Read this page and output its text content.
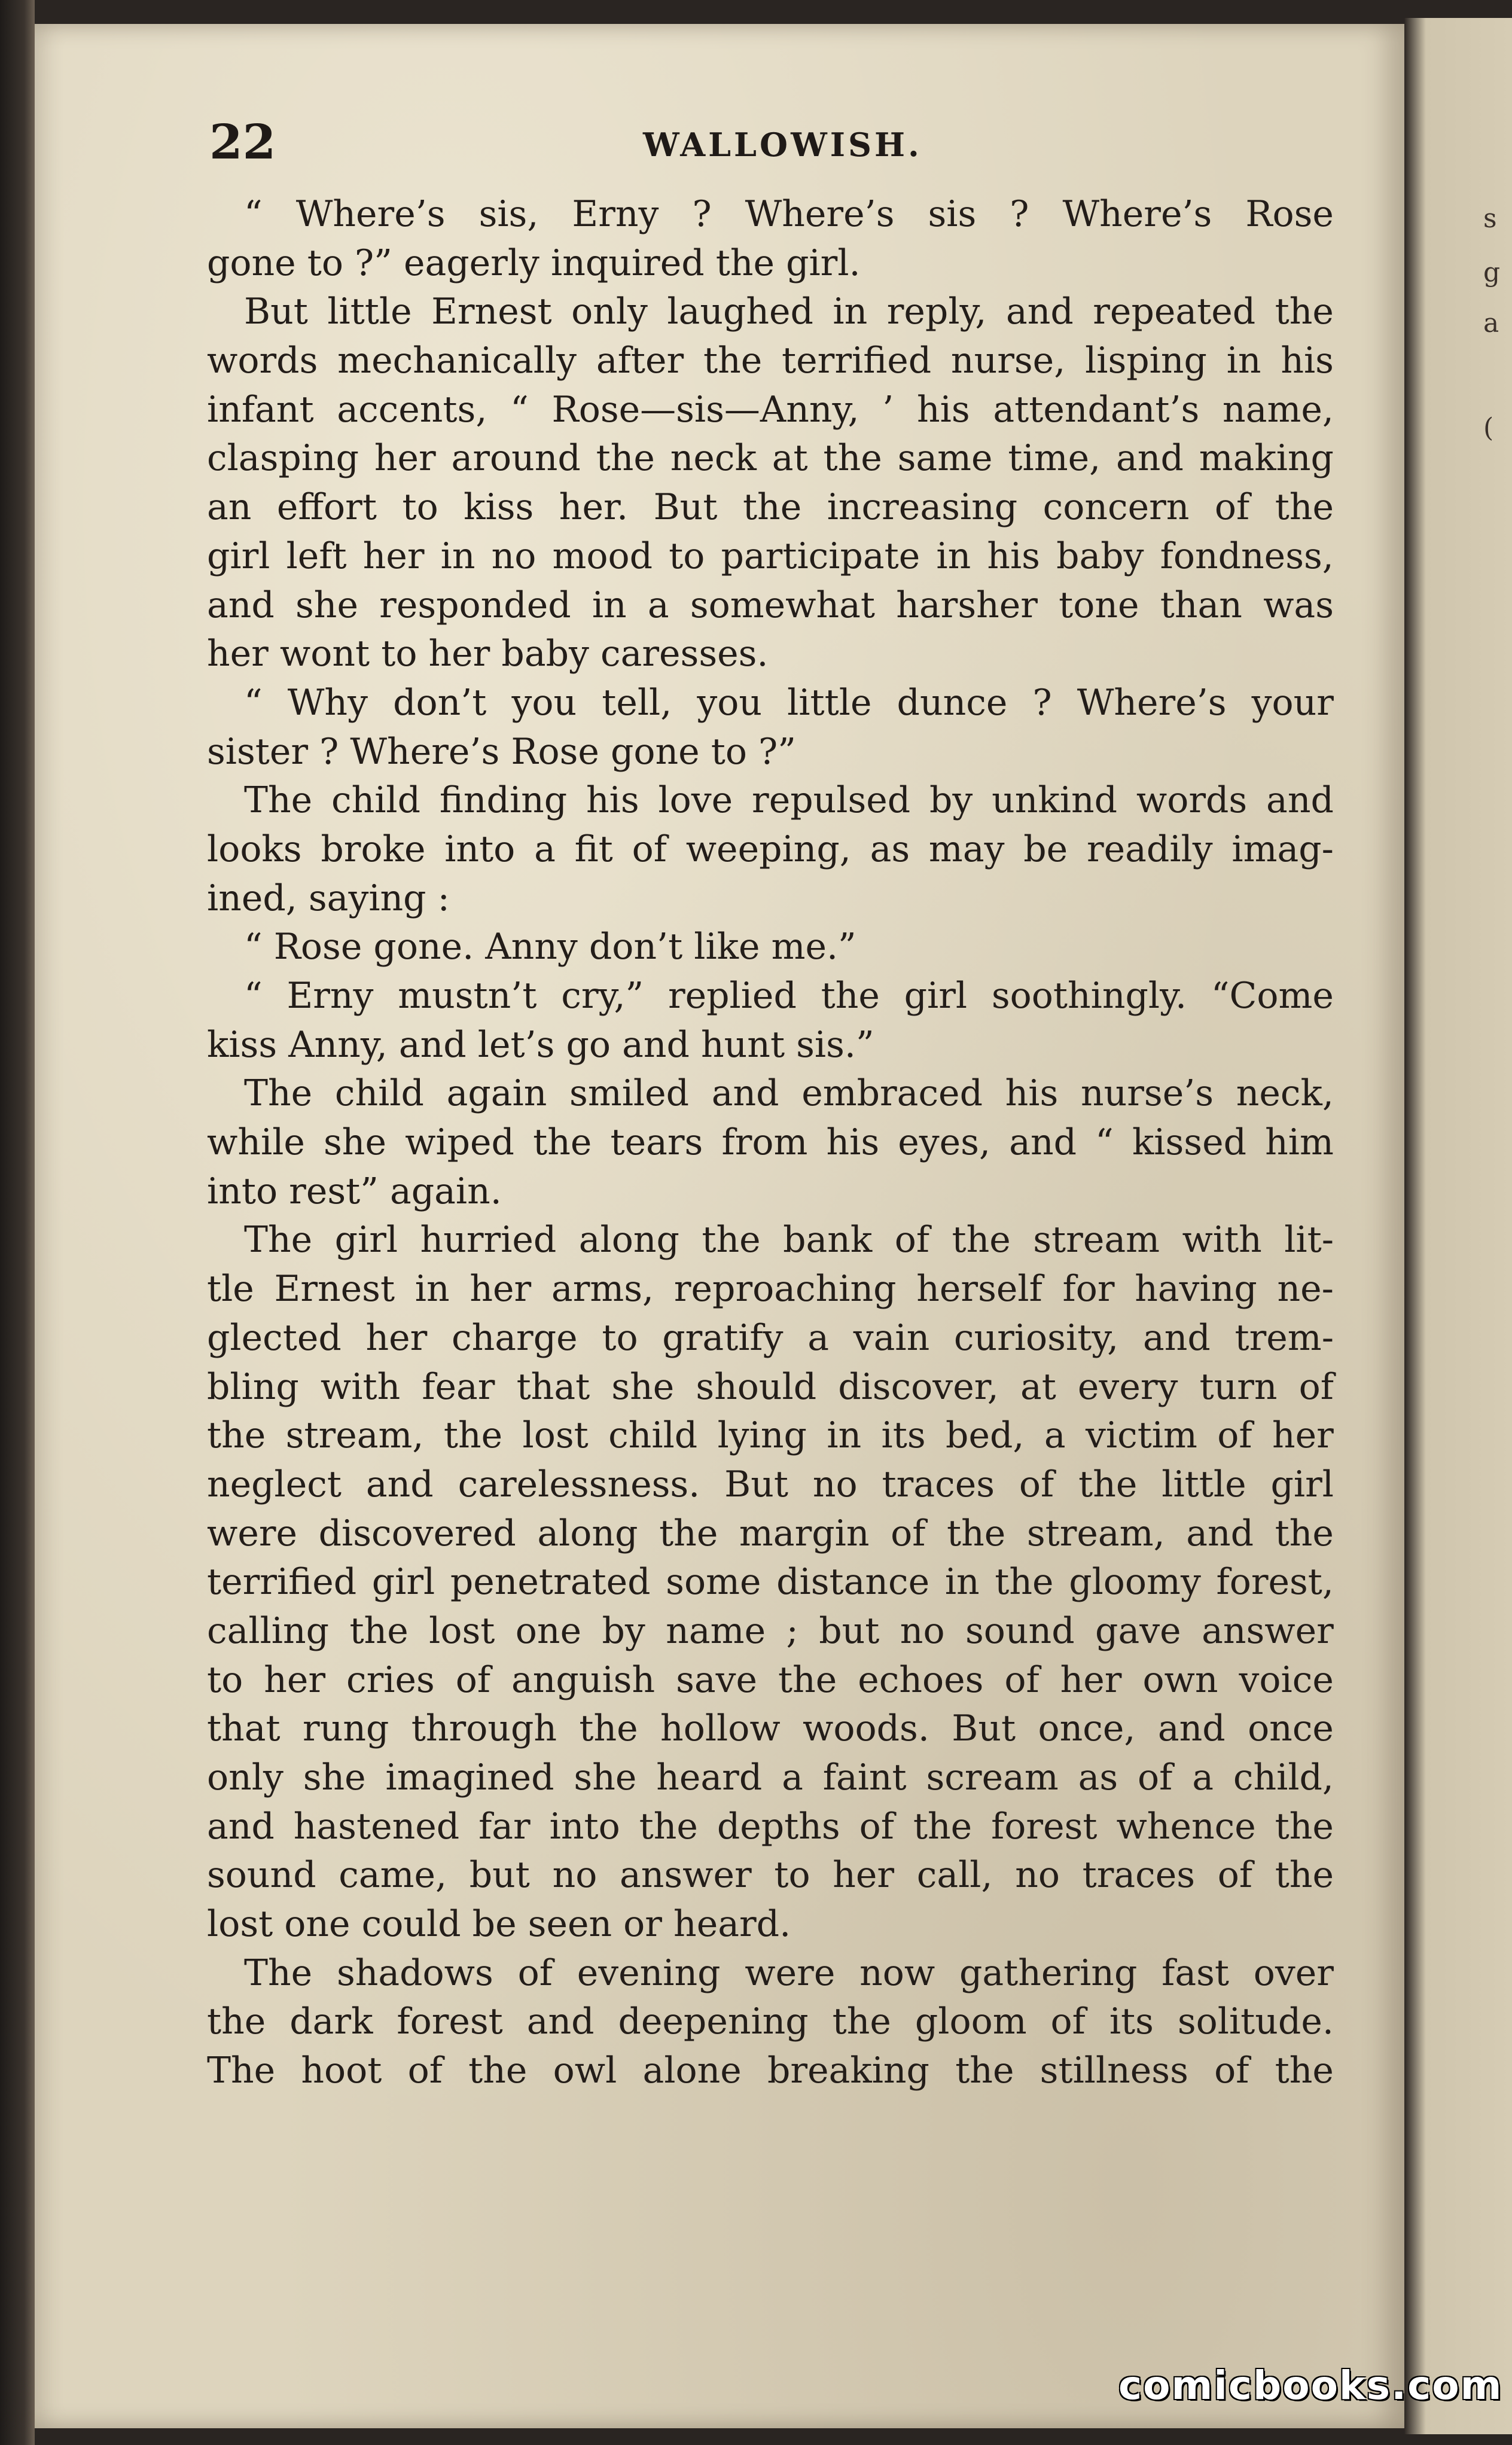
s
g
a
(
22	WALLOWISH.
“ Where’s sis, Erny ? Where’s sis ? Where’s Rose
gone to ?” eagerly inquired the girl.
But little Ernest only laughed in reply, and repeated the
words mechanically after the terrified nurse, lisping in his
infant accents, “ Rose—sis—Anny, ’ his attendant’s name,
clasping her around the neck at the same time, and making
an effort to kiss her. But the increasing concern of the
girl left her in no mood to participate in his baby fondness,
and she responded in a somewhat harsher tone than was
her wont to her baby caresses.
“ Why don’t you tell, you little dunce ? Where’s your
sister ? Where’s Rose gone to ?”
The child finding his love repulsed by unkind words and
looks broke into a fit of weeping, as may be readily imag-
ined, saying :
“ Rose gone. Anny don’t like me.”
“ Erny mustn’t cry,” replied the girl soothingly. “Come
kiss Anny, and let’s go and hunt sis.”
The child again smiled and embraced his nurse’s neck,
while she wiped the tears from his eyes, and “ kissed him
into rest” again.
The girl hurried along the bank of the stream with lit-
tle Ernest in her arms, reproaching herself for having ne-
glected her charge to gratify a vain curiosity, and trem-
bling with fear that she should discover, at every turn of
the stream, the lost child lying in its bed, a victim of her
neglect and carelessness. But no traces of the little girl
were discovered along the margin of the stream, and the
terrified girl penetrated some distance in the gloomy forest,
calling the lost one by name ; but no sound gave answer
to her cries of anguish save the echoes of her own voice
that rung through the hollow woods. But once, and once
only she imagined she heard a faint scream as of a child,
and hastened far into the depths of the forest whence the
sound came, but no answer to her call, no traces of the
lost one could be seen or heard.
The shadows of evening were now gathering fast over
the dark forest and deepening the gloom of its solitude.
The hoot of the owl alone breaking the stillness of the
comicbooks.com
